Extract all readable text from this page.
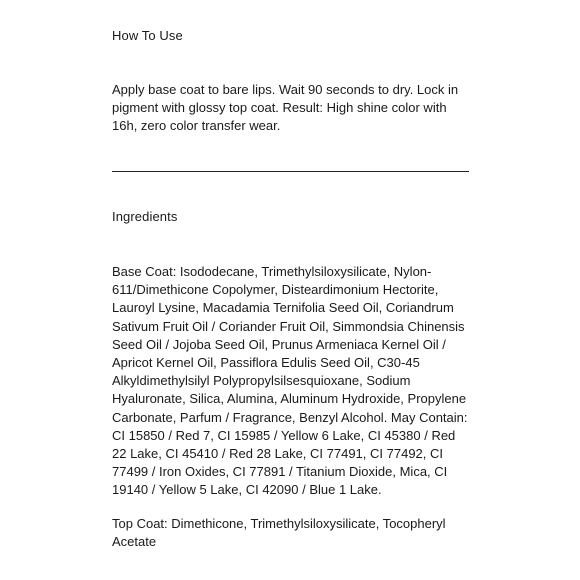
How To Use

Apply base coat to bare lips. Wait 90 seconds to dry. Lock in pigment with glossy top coat. Result: High shine color with 16h, zero color transfer wear.

Ingredients

Base Coat: Isododecane, Trimethylsiloxysilicate, Nylon-611/Dimethicone Copolymer, Disteardimonium Hectorite, Lauroyl Lysine, Macadamia Ternifolia Seed Oil, Coriandrum Sativum Fruit Oil / Coriander Fruit Oil, Simmondsia Chinensis Seed Oil / Jojoba Seed Oil, Prunus Armeniaca Kernel Oil / Apricot Kernel Oil, Passiflora Edulis Seed Oil, C30-45 Alkyldimethylsilyl Polypropylsilsesquioxane, Sodium Hyaluronate, Silica, Alumina, Aluminum Hydroxide, Propylene Carbonate, Parfum / Fragrance, Benzyl Alcohol. May Contain: CI 15850 / Red 7, CI 15985 / Yellow 6 Lake, CI 45380 / Red 22 Lake, CI 45410 / Red 28 Lake, CI 77491, CI 77492, CI 77499 / Iron Oxides, CI 77891 / Titanium Dioxide, Mica, CI 19140 / Yellow 5 Lake, CI 42090 / Blue 1 Lake.

Top Coat: Dimethicone, Trimethylsiloxysilicate, Tocopheryl Acetate
